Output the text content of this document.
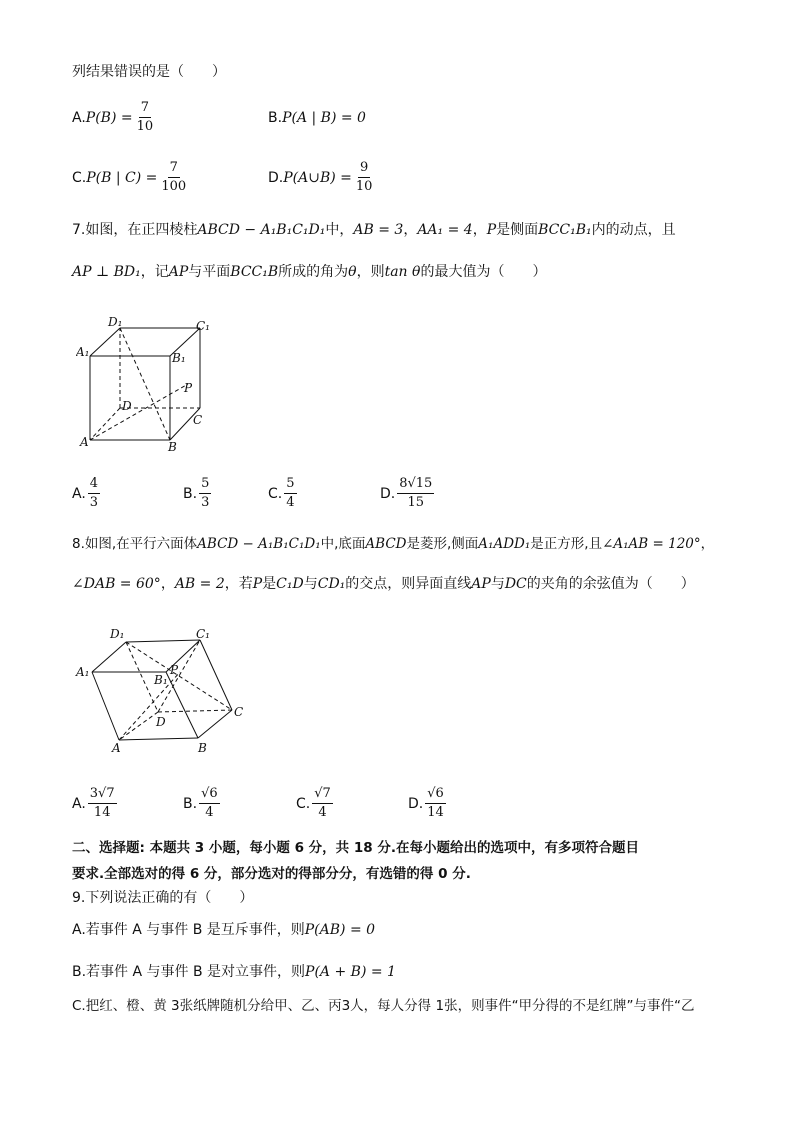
列结果错误的是（　　）
A. $P(B) = \frac{7}{10}$	B. P(A | B) = 0
C. P(B | $C) = \frac{7}{100}$	D. P(A∪B) = $\frac{9}{10}$
7.如图，在正四棱柱ABCD − A₁B₁C₁D₁中，AB = 3，AA₁ = 4，P是侧面BCC₁B₁内的动点，且
AP ⊥ BD₁，记AP与平面BCC₁B所成的角为θ，则tan θ的最大值为（　　）
D₁	C₁
A₁	B₁
P
D
C
A	B
A. $\frac{4}{3}$	B. $\frac{5}{3}$	C. $\frac{5}{4}$	D. $\frac{8√15}{15}$
8.如图,在平行六面体ABCD − A₁B₁C₁D₁中,底面ABCD是菱形,侧面A₁ADD₁是正方形,且∠A₁AB = 120°，
∠DAB = 60°，AB = 2，若P是C₁D与CD₁的交点，则异面直线AP与DC的夹角的余弦值为（　　）
D₁	C₁
A₁
B₁
P
D
C
A	B
A. $\frac{3√7}{14}$	B. $\frac{√6}{4}$	C. $\frac{√7}{4}$	D. $\frac{√6}{14}$
二、选择题: 本题共 3 小题，每小题 6 分，共 18 分.在每小题给出的选项中，有多项符合题目
要求.全部选对的得 6 分，部分选对的得部分分，有选错的得 0 分.
9.下列说法正确的有（　　）
A.若事件 A 与事件 B 是互斥事件，则P(AB) = 0
B.若事件 A 与事件 B 是对立事件，则P(A + B) = 1
C.把红、橙、黄 3张纸牌随机分给甲、乙、丙3人，每人分得 1张，则事件“甲分得的不是红牌”与事件“乙
